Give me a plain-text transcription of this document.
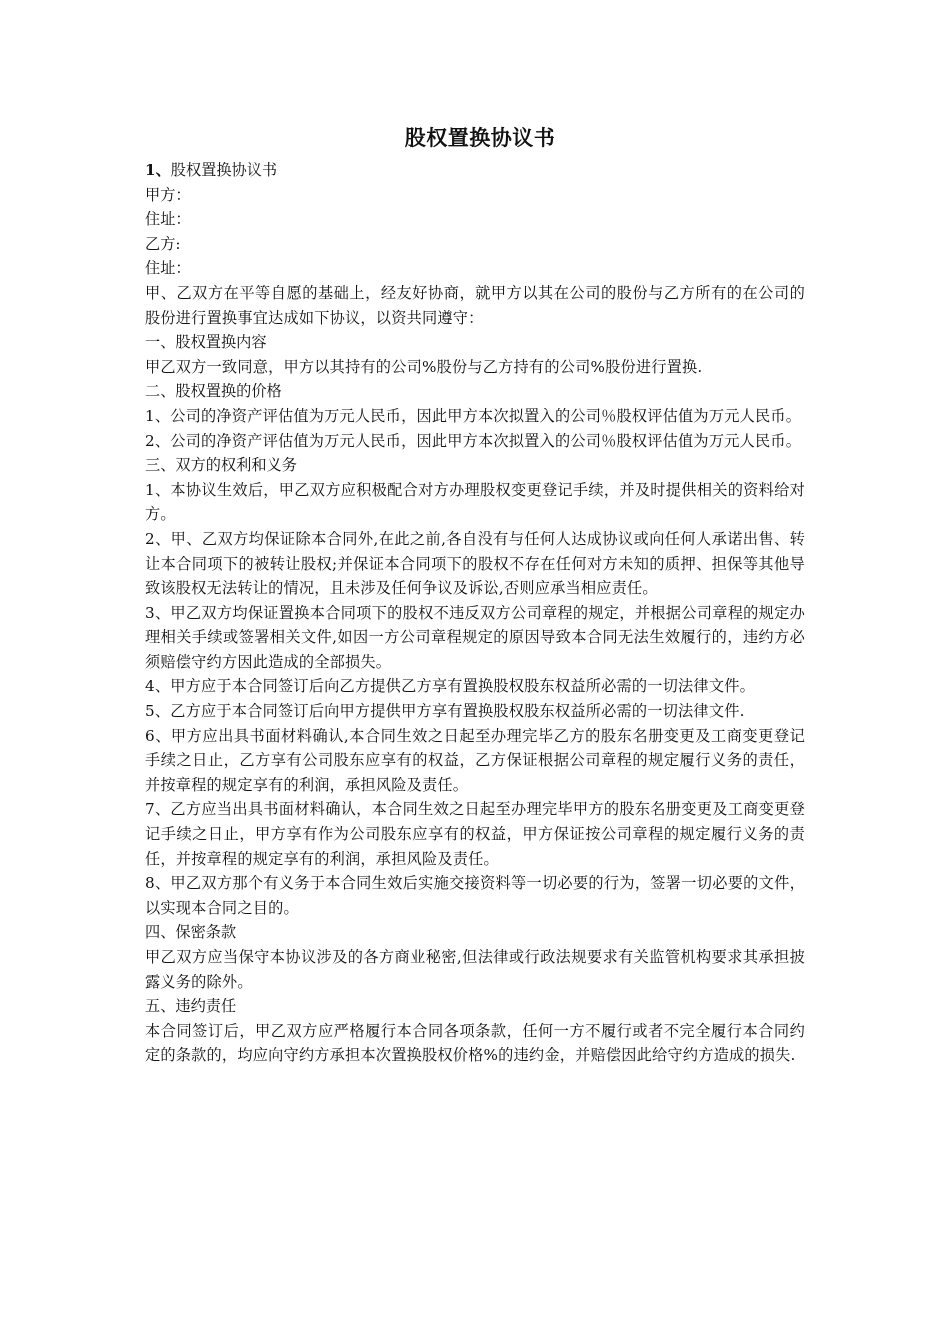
股权置换协议书

1、股权置换协议书

甲方：

住址：

乙方:

住址：

甲、乙双方在平等自愿的基础上，经友好协商，就甲方以其在公司的股份与乙方所有的在公司的股份进行置换事宜达成如下协议，以资共同遵守：

一、股权置换内容

甲乙双方一致同意，甲方以其持有的公司%股份与乙方持有的公司%股份进行置换.

二、股权置换的价格

1、公司的净资产评估值为万元人民币，因此甲方本次拟置入的公司％股权评估值为万元人民币。

2、公司的净资产评估值为万元人民币，因此甲方本次拟置入的公司％股权评估值为万元人民币。

三、双方的权利和义务

1、本协议生效后，甲乙双方应积极配合对方办理股权变更登记手续，并及时提供相关的资料给对方。

2、甲、乙双方均保证除本合同外,在此之前,各自没有与任何人达成协议或向任何人承诺出售、转让本合同项下的被转让股权;并保证本合同项下的股权不存在任何对方未知的质押、担保等其他导致该股权无法转让的情况，且未涉及任何争议及诉讼,否则应承当相应责任。

3、甲乙双方均保证置换本合同项下的股权不违反双方公司章程的规定，并根据公司章程的规定办理相关手续或签署相关文件,如因一方公司章程规定的原因导致本合同无法生效履行的，违约方必须赔偿守约方因此造成的全部损失。

4、甲方应于本合同签订后向乙方提供乙方享有置换股权股东权益所必需的一切法律文件。

5、乙方应于本合同签订后向甲方提供甲方享有置换股权股东权益所必需的一切法律文件.

6、甲方应出具书面材料确认,本合同生效之日起至办理完毕乙方的股东名册变更及工商变更登记手续之日止，乙方享有公司股东应享有的权益，乙方保证根据公司章程的规定履行义务的责任，并按章程的规定享有的利润，承担风险及责任。

7、乙方应当出具书面材料确认，本合同生效之日起至办理完毕甲方的股东名册变更及工商变更登记手续之日止，甲方享有作为公司股东应享有的权益，甲方保证按公司章程的规定履行义务的责任，并按章程的规定享有的利润，承担风险及责任。

8、甲乙双方那个有义务于本合同生效后实施交接资料等一切必要的行为，签署一切必要的文件，以实现本合同之目的。

四、保密条款

甲乙双方应当保守本协议涉及的各方商业秘密,但法律或行政法规要求有关监管机构要求其承担披露义务的除外。

五、违约责任

本合同签订后，甲乙双方应严格履行本合同各项条款，任何一方不履行或者不完全履行本合同约定的条款的，均应向守约方承担本次置换股权价格%的违约金，并赔偿因此给守约方造成的损失.
